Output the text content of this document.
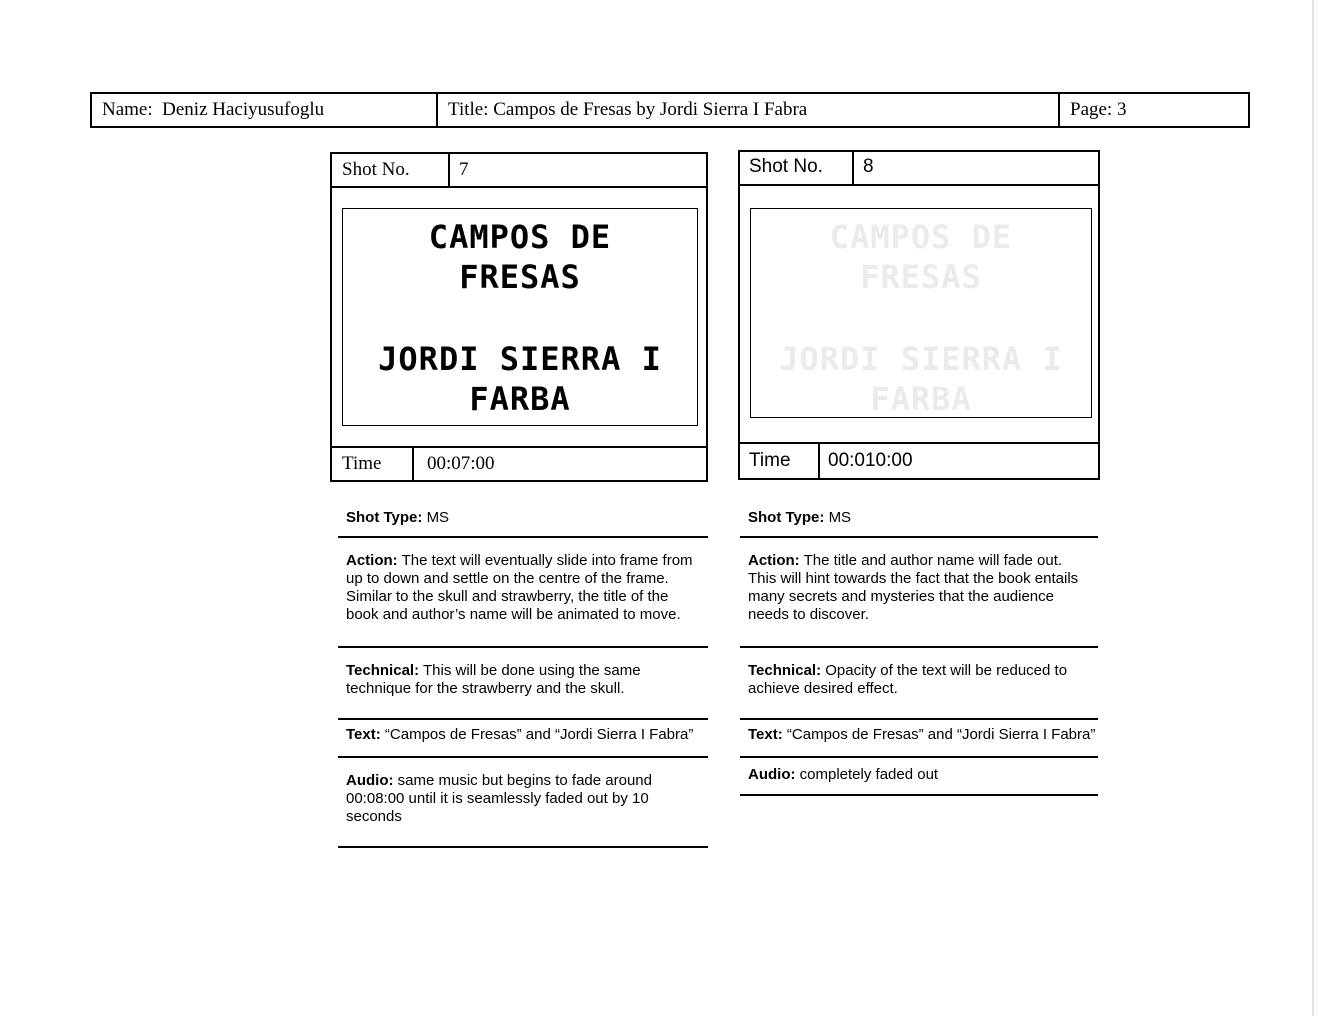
Name: Deniz Haciyusufoglu	Title: Campos de Fresas by Jordi Sierra I Fabra	Page: 3
Shot No.	7
CAMPOS DE
FRESAS
JORDI SIERRA I
FARBA
Time	00:07:00
Shot No.	8
CAMPOS DE
FRESAS
JORDI SIERRA I
FARBA
Time	00:010:00
Shot Type: MS
Action: The text will eventually slide into frame from up to down and settle on the centre of the frame. Similar to the skull and strawberry, the title of the book and author’s name will be animated to move.
Technical: This will be done using the same technique for the strawberry and the skull.
Text: “Campos de Fresas” and “Jordi Sierra I Fabra”
Audio: same music but begins to fade around 00:08:00 until it is seamlessly faded out by 10 seconds
Shot Type: MS
Action: The title and author name will fade out. This will hint towards the fact that the book entails many secrets and mysteries that the audience needs to discover.
Technical: Opacity of the text will be reduced to achieve desired effect.
Text: “Campos de Fresas” and “Jordi Sierra I Fabra”
Audio: completely faded out
